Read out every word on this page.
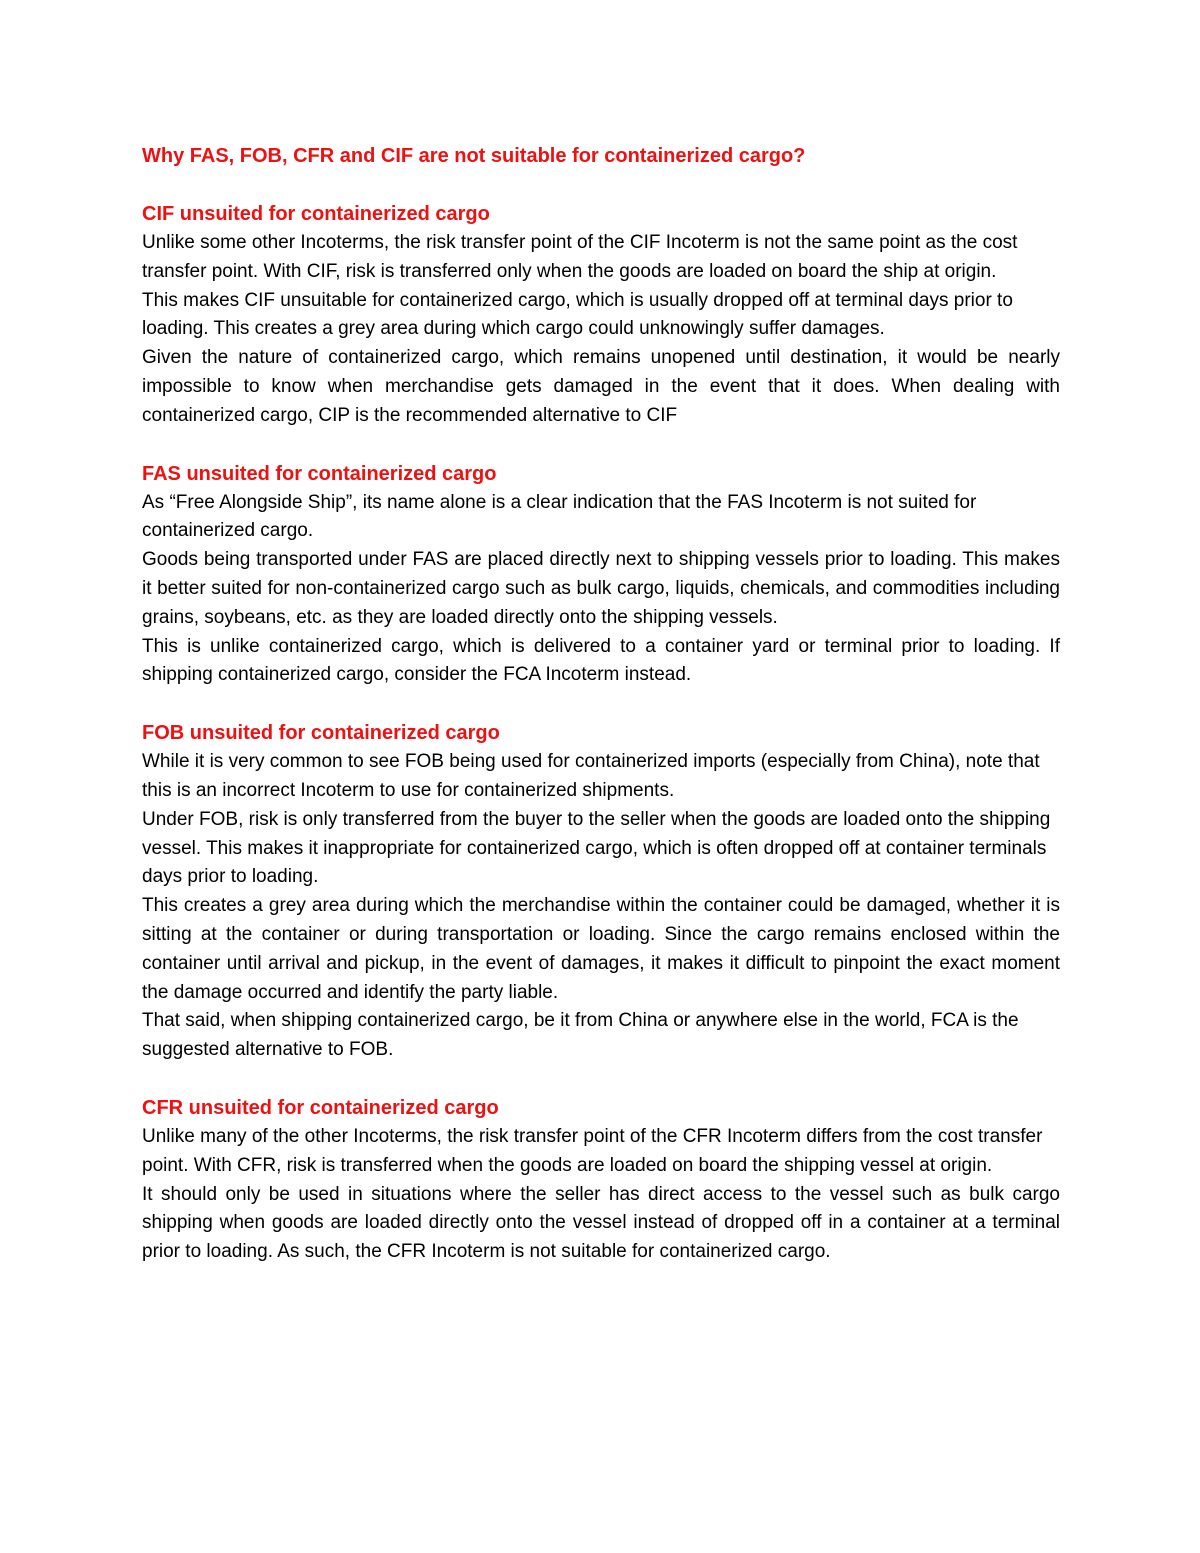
Why FAS, FOB, CFR and CIF are not suitable for containerized cargo?

CIF unsuited for containerized cargo

Unlike some other Incoterms, the risk transfer point of the CIF Incoterm is not the same point as the cost transfer point. With CIF, risk is transferred only when the goods are loaded on board the ship at origin.

This makes CIF unsuitable for containerized cargo, which is usually dropped off at terminal days prior to loading. This creates a grey area during which cargo could unknowingly suffer damages.

Given the nature of containerized cargo, which remains unopened until destination, it would be nearly impossible to know when merchandise gets damaged in the event that it does. When dealing with containerized cargo, CIP is the recommended alternative to CIF

FAS unsuited for containerized cargo

As “Free Alongside Ship”, its name alone is a clear indication that the FAS Incoterm is not suited for containerized cargo.

Goods being transported under FAS are placed directly next to shipping vessels prior to loading. This makes it better suited for non-containerized cargo such as bulk cargo, liquids, chemicals, and commodities including grains, soybeans, etc. as they are loaded directly onto the shipping vessels.

This is unlike containerized cargo, which is delivered to a container yard or terminal prior to loading. If shipping containerized cargo, consider the FCA Incoterm instead.

FOB unsuited for containerized cargo

While it is very common to see FOB being used for containerized imports (especially from China), note that this is an incorrect Incoterm to use for containerized shipments.

Under FOB, risk is only transferred from the buyer to the seller when the goods are loaded onto the shipping vessel. This makes it inappropriate for containerized cargo, which is often dropped off at container terminals days prior to loading.

This creates a grey area during which the merchandise within the container could be damaged, whether it is sitting at the container or during transportation or loading. Since the cargo remains enclosed within the container until arrival and pickup, in the event of damages, it makes it difficult to pinpoint the exact moment the damage occurred and identify the party liable.

That said, when shipping containerized cargo, be it from China or anywhere else in the world, FCA is the suggested alternative to FOB.

CFR unsuited for containerized cargo

Unlike many of the other Incoterms, the risk transfer point of the CFR Incoterm differs from the cost transfer point. With CFR, risk is transferred when the goods are loaded on board the shipping vessel at origin.

It should only be used in situations where the seller has direct access to the vessel such as bulk cargo shipping when goods are loaded directly onto the vessel instead of dropped off in a container at a terminal prior to loading. As such, the CFR Incoterm is not suitable for containerized cargo.
